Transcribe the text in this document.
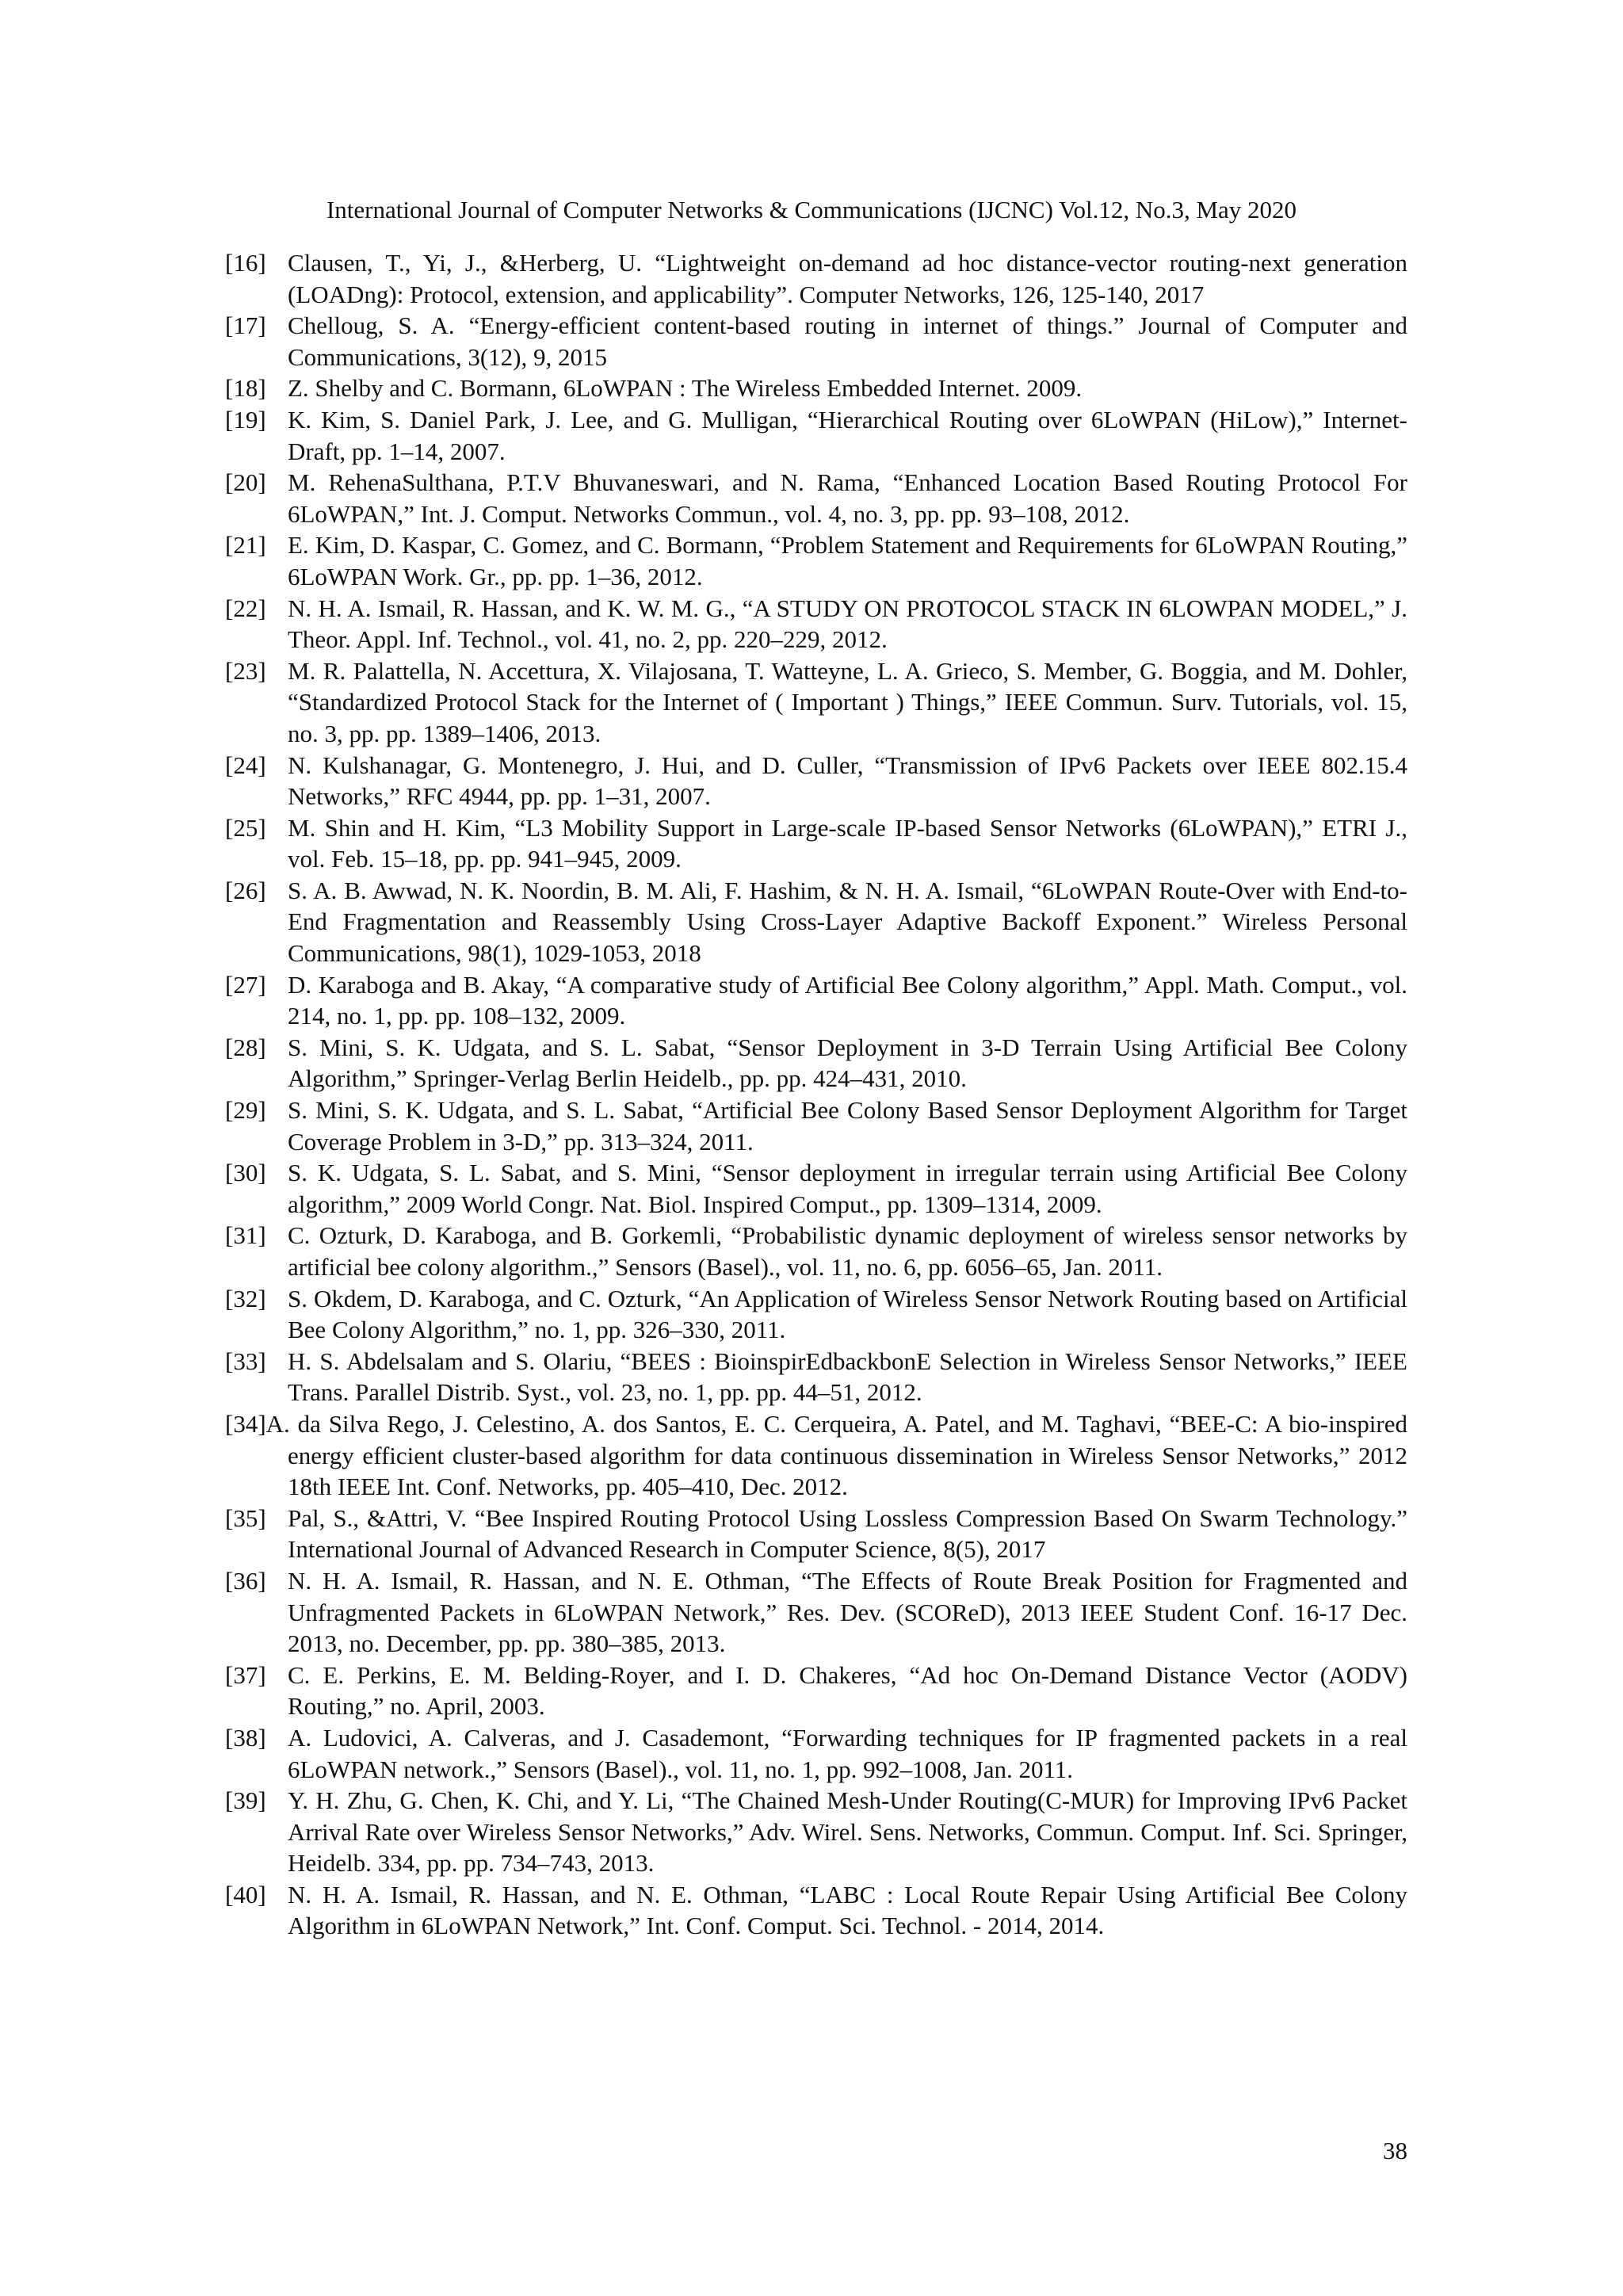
International Journal of Computer Networks & Communications (IJCNC) Vol.12, No.3, May 2020
[16] Clausen, T., Yi, J., &Herberg, U. “Lightweight on-demand ad hoc distance-vector routing-next generation (LOADng): Protocol, extension, and applicability”. Computer Networks, 126, 125-140, 2017
[17] Chelloug, S. A. “Energy-efficient content-based routing in internet of things.” Journal of Computer and Communications, 3(12), 9, 2015
[18] Z. Shelby and C. Bormann, 6LoWPAN : The Wireless Embedded Internet. 2009.
[19] K. Kim, S. Daniel Park, J. Lee, and G. Mulligan, “Hierarchical Routing over 6LoWPAN (HiLow),” Internet-Draft, pp. 1–14, 2007.
[20] M. RehenaSulthana, P.T.V Bhuvaneswari, and N. Rama, “Enhanced Location Based Routing Protocol For 6LoWPAN,” Int. J. Comput. Networks Commun., vol. 4, no. 3, pp. pp. 93–108, 2012.
[21] E. Kim, D. Kaspar, C. Gomez, and C. Bormann, “Problem Statement and Requirements for 6LoWPAN Routing,” 6LoWPAN Work. Gr., pp. pp. 1–36, 2012.
[22] N. H. A. Ismail, R. Hassan, and K. W. M. G., “A STUDY ON PROTOCOL STACK IN 6LOWPAN MODEL,” J. Theor. Appl. Inf. Technol., vol. 41, no. 2, pp. 220–229, 2012.
[23] M. R. Palattella, N. Accettura, X. Vilajosana, T. Watteyne, L. A. Grieco, S. Member, G. Boggia, and M. Dohler, “Standardized Protocol Stack for the Internet of ( Important ) Things,” IEEE Commun. Surv. Tutorials, vol. 15, no. 3, pp. pp. 1389–1406, 2013.
[24] N. Kulshanagar, G. Montenegro, J. Hui, and D. Culler, “Transmission of IPv6 Packets over IEEE 802.15.4 Networks,” RFC 4944, pp. pp. 1–31, 2007.
[25] M. Shin and H. Kim, “L3 Mobility Support in Large-scale IP-based Sensor Networks (6LoWPAN),” ETRI J., vol. Feb. 15–18, pp. pp. 941–945, 2009.
[26] S. A. B. Awwad, N. K. Noordin, B. M. Ali, F. Hashim, & N. H. A. Ismail, “6LoWPAN Route-Over with End-to-End Fragmentation and Reassembly Using Cross-Layer Adaptive Backoff Exponent.” Wireless Personal Communications, 98(1), 1029-1053, 2018
[27] D. Karaboga and B. Akay, “A comparative study of Artificial Bee Colony algorithm,” Appl. Math. Comput., vol. 214, no. 1, pp. pp. 108–132, 2009.
[28] S. Mini, S. K. Udgata, and S. L. Sabat, “Sensor Deployment in 3-D Terrain Using Artificial Bee Colony Algorithm,” Springer-Verlag Berlin Heidelb., pp. pp. 424–431, 2010.
[29] S. Mini, S. K. Udgata, and S. L. Sabat, “Artificial Bee Colony Based Sensor Deployment Algorithm for Target Coverage Problem in 3-D,” pp. 313–324, 2011.
[30] S. K. Udgata, S. L. Sabat, and S. Mini, “Sensor deployment in irregular terrain using Artificial Bee Colony algorithm,” 2009 World Congr. Nat. Biol. Inspired Comput., pp. 1309–1314, 2009.
[31] C. Ozturk, D. Karaboga, and B. Gorkemli, “Probabilistic dynamic deployment of wireless sensor networks by artificial bee colony algorithm.,” Sensors (Basel)., vol. 11, no. 6, pp. 6056–65, Jan. 2011.
[32] S. Okdem, D. Karaboga, and C. Ozturk, “An Application of Wireless Sensor Network Routing based on Artificial Bee Colony Algorithm,” no. 1, pp. 326–330, 2011.
[33] H. S. Abdelsalam and S. Olariu, “BEES : BioinspirEdbackbonE Selection in Wireless Sensor Networks,” IEEE Trans. Parallel Distrib. Syst., vol. 23, no. 1, pp. pp. 44–51, 2012.
[34]A. da Silva Rego, J. Celestino, A. dos Santos, E. C. Cerqueira, A. Patel, and M. Taghavi, “BEE-C: A bio-inspired energy efficient cluster-based algorithm for data continuous dissemination in Wireless Sensor Networks,” 2012 18th IEEE Int. Conf. Networks, pp. 405–410, Dec. 2012.
[35] Pal, S., &Attri, V. “Bee Inspired Routing Protocol Using Lossless Compression Based On Swarm Technology.” International Journal of Advanced Research in Computer Science, 8(5), 2017
[36] N. H. A. Ismail, R. Hassan, and N. E. Othman, “The Effects of Route Break Position for Fragmented and Unfragmented Packets in 6LoWPAN Network,” Res. Dev. (SCOReD), 2013 IEEE Student Conf. 16-17 Dec. 2013, no. December, pp. pp. 380–385, 2013.
[37] C. E. Perkins, E. M. Belding-Royer, and I. D. Chakeres, “Ad hoc On-Demand Distance Vector (AODV) Routing,” no. April, 2003.
[38] A. Ludovici, A. Calveras, and J. Casademont, “Forwarding techniques for IP fragmented packets in a real 6LoWPAN network.,” Sensors (Basel)., vol. 11, no. 1, pp. 992–1008, Jan. 2011.
[39] Y. H. Zhu, G. Chen, K. Chi, and Y. Li, “The Chained Mesh-Under Routing(C-MUR) for Improving IPv6 Packet Arrival Rate over Wireless Sensor Networks,” Adv. Wirel. Sens. Networks, Commun. Comput. Inf. Sci. Springer, Heidelb. 334, pp. pp. 734–743, 2013.
[40] N. H. A. Ismail, R. Hassan, and N. E. Othman, “LABC : Local Route Repair Using Artificial Bee Colony Algorithm in 6LoWPAN Network,” Int. Conf. Comput. Sci. Technol. - 2014, 2014.
38
